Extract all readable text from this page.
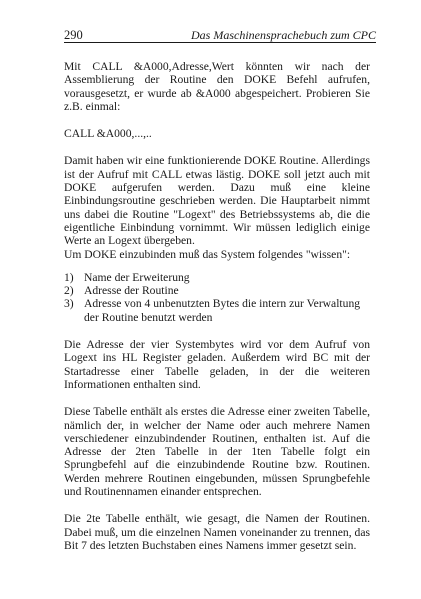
290	Das Maschinensprachebuch zum CPC

Mit CALL &A000,Adresse,Wert könnten wir nach der Assemblierung der Routine den DOKE Befehl aufrufen, vorausgesetzt, er wurde ab &A000 abgespeichert. Probieren Sie z.B. einmal:

CALL &A000,...,..

Damit haben wir eine funktionierende DOKE Routine. Allerdings ist der Aufruf mit CALL etwas lästig. DOKE soll jetzt auch mit DOKE aufgerufen werden. Dazu muß eine kleine Einbindungsroutine geschrieben werden. Die Hauptarbeit nimmt uns dabei die Routine "Logext" des Betriebssystems ab, die die eigentliche Einbindung vornimmt. Wir müssen lediglich einige Werte an Logext übergeben.

Um DOKE einzubinden muß das System folgendes "wissen":

1) Name der Erweiterung
2) Adresse der Routine
3) Adresse von 4 unbenutzten Bytes die intern zur Verwaltung der Routine benutzt werden

Die Adresse der vier Systembytes wird vor dem Aufruf von Logext ins HL Register geladen. Außerdem wird BC mit der Startadresse einer Tabelle geladen, in der die weiteren Informationen enthalten sind.

Diese Tabelle enthält als erstes die Adresse einer zweiten Tabelle, nämlich der, in welcher der Name oder auch mehrere Namen verschiedener einzubindender Routinen, enthalten ist. Auf die Adresse der 2ten Tabelle in der 1ten Tabelle folgt ein Sprungbefehl auf die einzubindende Routine bzw. Routinen. Werden mehrere Routinen eingebunden, müssen Sprungbefehle und Routinennamen einander entsprechen.

Die 2te Tabelle enthält, wie gesagt, die Namen der Routinen. Dabei muß, um die einzelnen Namen voneinander zu trennen, das Bit 7 des letzten Buchstaben eines Namens immer gesetzt sein.
